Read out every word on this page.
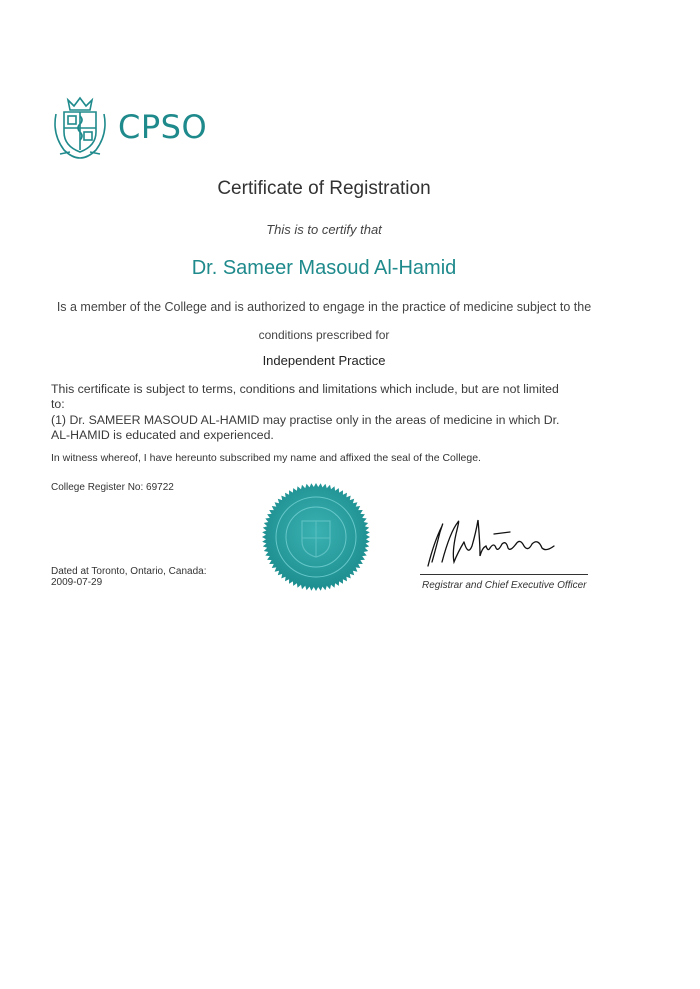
CPSO
Certificate of Registration
This is to certify that
Dr. Sameer Masoud Al-Hamid
Is a member of the College and is authorized to engage in the practice of medicine subject to the
conditions prescribed for
Independent Practice
This certificate is subject to terms, conditions and limitations which include, but are not limited to:
(1) Dr. SAMEER MASOUD AL-HAMID may practise only in the areas of medicine in which Dr. AL-HAMID is educated and experienced.
In witness whereof, I have hereunto subscribed my name and affixed the seal of the College.
College Register No: 69722
Registrar and Chief Executive Officer
Dated at Toronto, Ontario, Canada:
2009-07-29
